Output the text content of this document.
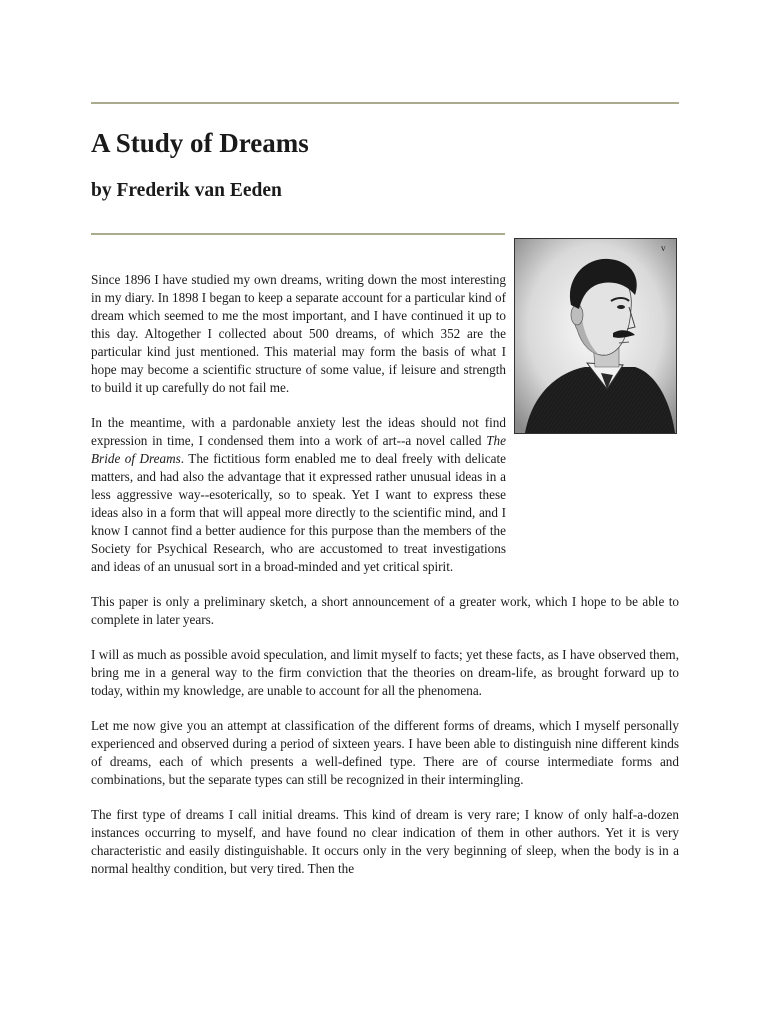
A Study of Dreams
by Frederik van Eeden
v

Since 1896 I have studied my own dreams, writing down the most interesting in my diary. In 1898 I began to keep a separate account for a particular kind of dream which seemed to me the most important, and I have continued it up to this day. Altogether I collected about 500 dreams, of which 352 are the particular kind just mentioned. This material may form the basis of what I hope may become a scientific structure of some value, if leisure and strength to build it up carefully do not fail me.

In the meantime, with a pardonable anxiety lest the ideas should not find expression in time, I condensed them into a work of art--a novel called The Bride of Dreams. The fictitious form enabled me to deal freely with delicate matters, and had also the advantage that it expressed rather unusual ideas in a less aggressive way--esoterically, so to speak. Yet I want to express these ideas also in a form that will appeal more directly to the scientific mind, and I know I cannot find a better audience for this purpose than the members of the Society for Psychical Research, who are accustomed to treat investigations and ideas of an unusual sort in a broad-minded and yet critical spirit.

This paper is only a preliminary sketch, a short announcement of a greater work, which I hope to be able to complete in later years.

I will as much as possible avoid speculation, and limit myself to facts; yet these facts, as I have observed them, bring me in a general way to the firm conviction that the theories on dream-life, as brought forward up to today, within my knowledge, are unable to account for all the phenomena.

Let me now give you an attempt at classification of the different forms of dreams, which I myself personally experienced and observed during a period of sixteen years. I have been able to distinguish nine different kinds of dreams, each of which presents a well-defined type. There are of course intermediate forms and combinations, but the separate types can still be recognized in their intermingling.

The first type of dreams I call initial dreams. This kind of dream is very rare; I know of only half-a-dozen instances occurring to myself, and have found no clear indication of them in other authors. Yet it is very characteristic and easily distinguishable. It occurs only in the very beginning of sleep, when the body is in a normal healthy condition, but very tired. Then the
